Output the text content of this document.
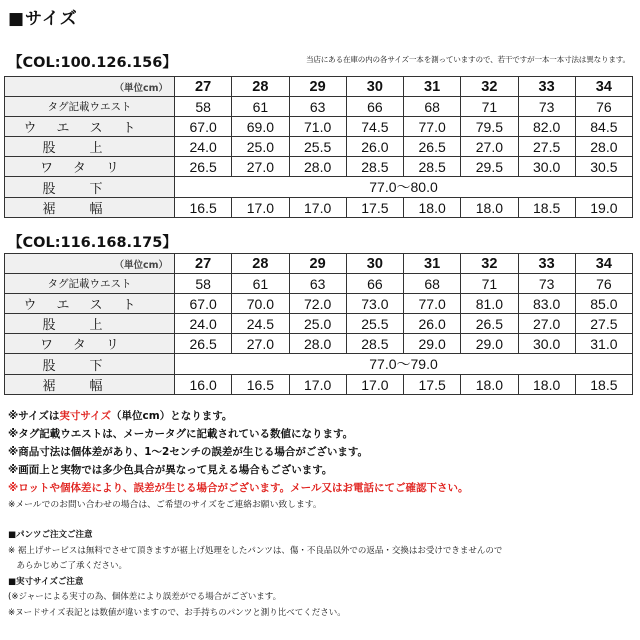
■サイズ
【COL:100.126.156】	当店にある在庫の内の各サイズ一本を測っていますので、若干ですが一本一本寸法は異なります。
（単位cm）	27	28	29	30	31	32	33	34
タグ記載ウエスト	58	61	63	66	68	71	73	76
ウエスト	67.0	69.0	71.0	74.5	77.0	79.5	82.0	84.5
股上	24.0	25.0	25.5	26.0	26.5	27.0	27.5	28.0
ワタリ	26.5	27.0	28.0	28.5	28.5	29.5	30.0	30.5
股下	77.0～80.0							
裾幅	16.5	17.0	17.0	17.5	18.0	18.0	18.5	19.0
【COL:116.168.175】
（単位cm）	27	28	29	30	31	32	33	34
タグ記載ウエスト	58	61	63	66	68	71	73	76
ウエスト	67.0	70.0	72.0	73.0	77.0	81.0	83.0	85.0
股上	24.0	24.5	25.0	25.5	26.0	26.5	27.0	27.5
ワタリ	26.5	27.0	28.0	28.5	29.0	29.0	30.0	31.0
股下	77.0～79.0							
裾幅	16.0	16.5	17.0	17.0	17.5	18.0	18.0	18.5
※サイズは実寸サイズ（単位cm）となります。
※タグ記載ウエストは、メーカータグに記載されている数値になります。
※商品寸法は個体差があり、1～2センチの誤差が生じる場合がございます。
※画面上と実物では多少色具合が異なって見える場合もございます。
※ロットや個体差により、誤差が生じる場合がございます。メール又はお電話にてご確認下さい。
※メールでのお問い合わせの場合は、ご希望のサイズをご連絡お願い致します。
■パンツご注文ご注意
※ 裾上げサービスは無料でさせて頂きますが裾上げ処理をしたパンツは、傷・不良品以外での返品・交換はお受けできませんので
　あらかじめご了承ください。
■実寸サイズご注意
(※ジャーによる実寸の為、個体差により誤差がでる場合がございます。
※ヌードサイズ表記とは数値が違いますので、お手持ちのパンツと測り比べてください。
